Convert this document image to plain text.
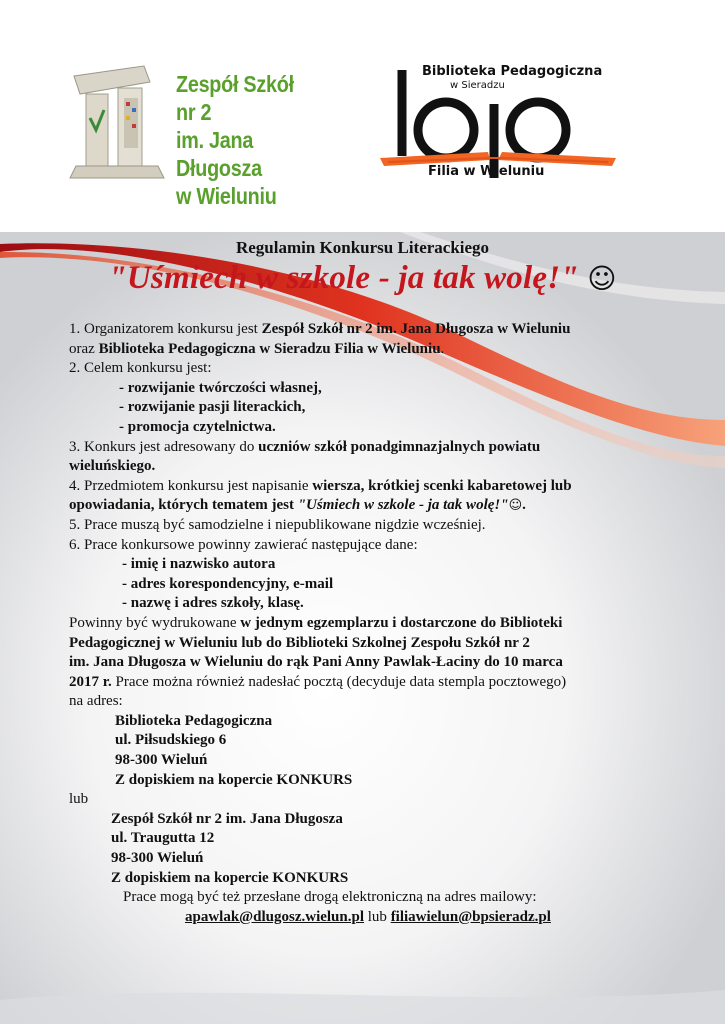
Zespół Szkół nr 2
im. Jana Długosza
w Wieluniu
Biblioteka Pedagogiczna
w Sieradzu
Filia w Wieluniu
Regulamin Konkursu Literackiego
"Uśmiech w szkole - ja tak wolę!" ☺

1. Organizatorem konkursu jest Zespół Szkół nr 2 im. Jana Długosza w Wieluniu

oraz Biblioteka Pedagogiczna w Sieradzu Filia w Wieluniu.

2. Celem konkursu jest:

- rozwijanie twórczości własnej,

- rozwijanie pasji literackich,

- promocja czytelnictwa.

3. Konkurs jest adresowany do uczniów szkół ponadgimnazjalnych powiatu

wieluńskiego.

4. Przedmiotem konkursu jest napisanie wiersza, krótkiej scenki kabaretowej lub

opowiadania, których tematem jest "Uśmiech w szkole - ja tak wolę!"☺.

5. Prace muszą być samodzielne i niepublikowane nigdzie wcześniej.

6. Prace konkursowe powinny zawierać następujące dane:

- imię i nazwisko autora

- adres korespondencyjny, e-mail

- nazwę i adres szkoły, klasę.

Powinny być wydrukowane w jednym egzemplarzu i dostarczone do Biblioteki

Pedagogicznej w Wieluniu lub do Biblioteki Szkolnej Zespołu Szkół nr 2

im. Jana Długosza w Wieluniu do rąk Pani Anny Pawlak-Łaciny do 10 marca

2017 r. Prace można również nadesłać pocztą (decyduje data stempla pocztowego)

na adres:

Biblioteka Pedagogiczna

ul. Piłsudskiego 6

98-300 Wieluń

Z dopiskiem na kopercie KONKURS

lub

Zespół Szkół nr 2 im. Jana Długosza

ul. Traugutta 12

98-300 Wieluń

Z dopiskiem na kopercie KONKURS

Prace mogą być też przesłane drogą elektroniczną na adres mailowy:

apawlak@dlugosz.wielun.pl lub filiawielun@bpsieradz.pl
